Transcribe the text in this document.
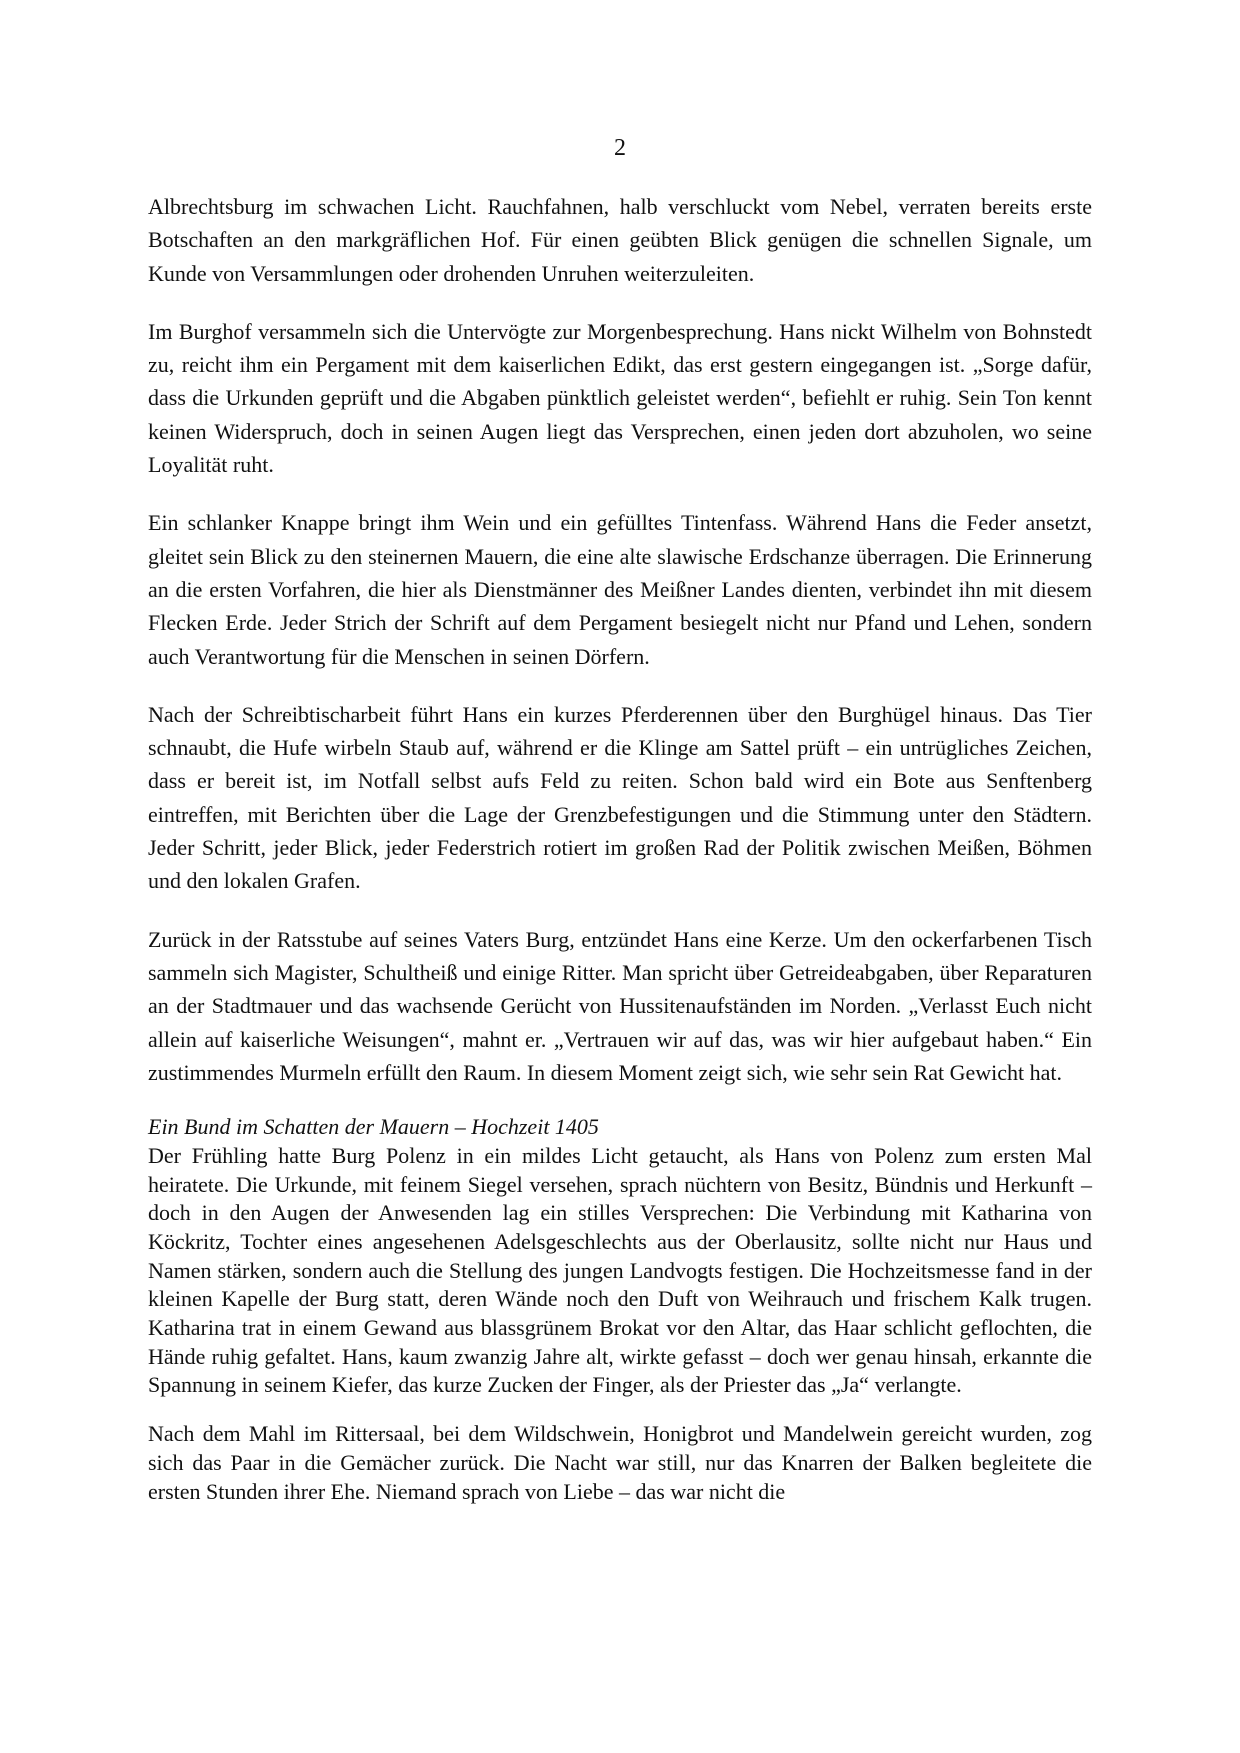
2

Albrechtsburg im schwachen Licht. Rauchfahnen, halb verschluckt vom Nebel, verraten bereits erste Botschaften an den markgräflichen Hof. Für einen geübten Blick genügen die schnellen Signale, um Kunde von Versammlungen oder drohenden Unruhen weiterzuleiten.

Im Burghof versammeln sich die Untervögte zur Morgenbesprechung. Hans nickt Wilhelm von Bohnstedt zu, reicht ihm ein Pergament mit dem kaiserlichen Edikt, das erst gestern eingegangen ist. „Sorge dafür, dass die Urkunden geprüft und die Abgaben pünktlich geleistet werden“, befiehlt er ruhig. Sein Ton kennt keinen Widerspruch, doch in seinen Augen liegt das Versprechen, einen jeden dort abzuholen, wo seine Loyalität ruht.

Ein schlanker Knappe bringt ihm Wein und ein gefülltes Tintenfass. Während Hans die Feder ansetzt, gleitet sein Blick zu den steinernen Mauern, die eine alte slawische Erdschanze überragen. Die Erinnerung an die ersten Vorfahren, die hier als Dienstmänner des Meißner Landes dienten, verbindet ihn mit diesem Flecken Erde. Jeder Strich der Schrift auf dem Pergament besiegelt nicht nur Pfand und Lehen, sondern auch Verantwortung für die Menschen in seinen Dörfern.

Nach der Schreibtischarbeit führt Hans ein kurzes Pferderennen über den Burghügel hinaus. Das Tier schnaubt, die Hufe wirbeln Staub auf, während er die Klinge am Sattel prüft – ein untrügliches Zeichen, dass er bereit ist, im Notfall selbst aufs Feld zu reiten. Schon bald wird ein Bote aus Senftenberg eintreffen, mit Berichten über die Lage der Grenzbefestigungen und die Stimmung unter den Städtern. Jeder Schritt, jeder Blick, jeder Federstrich rotiert im großen Rad der Politik zwischen Meißen, Böhmen und den lokalen Grafen.

Zurück in der Ratsstube auf seines Vaters Burg, entzündet Hans eine Kerze. Um den ockerfarbenen Tisch sammeln sich Magister, Schultheiß und einige Ritter. Man spricht über Getreideabgaben, über Reparaturen an der Stadtmauer und das wachsende Gerücht von Hussitenaufständen im Norden. „Verlasst Euch nicht allein auf kaiserliche Weisungen“, mahnt er. „Vertrauen wir auf das, was wir hier aufgebaut haben.“ Ein zustimmendes Murmeln erfüllt den Raum. In diesem Moment zeigt sich, wie sehr sein Rat Gewicht hat.

Ein Bund im Schatten der Mauern – Hochzeit 1405

Der Frühling hatte Burg Polenz in ein mildes Licht getaucht, als Hans von Polenz zum ersten Mal heiratete. Die Urkunde, mit feinem Siegel versehen, sprach nüchtern von Besitz, Bündnis und Herkunft – doch in den Augen der Anwesenden lag ein stilles Versprechen: Die Verbindung mit Katharina von Köckritz, Tochter eines angesehenen Adelsgeschlechts aus der Oberlausitz, sollte nicht nur Haus und Namen stärken, sondern auch die Stellung des jungen Landvogts festigen. Die Hochzeitsmesse fand in der kleinen Kapelle der Burg statt, deren Wände noch den Duft von Weihrauch und frischem Kalk trugen. Katharina trat in einem Gewand aus blassgrünem Brokat vor den Altar, das Haar schlicht geflochten, die Hände ruhig gefaltet. Hans, kaum zwanzig Jahre alt, wirkte gefasst – doch wer genau hinsah, erkannte die Spannung in seinem Kiefer, das kurze Zucken der Finger, als der Priester das „Ja“ verlangte.

Nach dem Mahl im Rittersaal, bei dem Wildschwein, Honigbrot und Mandelwein gereicht wurden, zog sich das Paar in die Gemächer zurück. Die Nacht war still, nur das Knarren der Balken begleitete die ersten Stunden ihrer Ehe. Niemand sprach von Liebe – das war nicht die
